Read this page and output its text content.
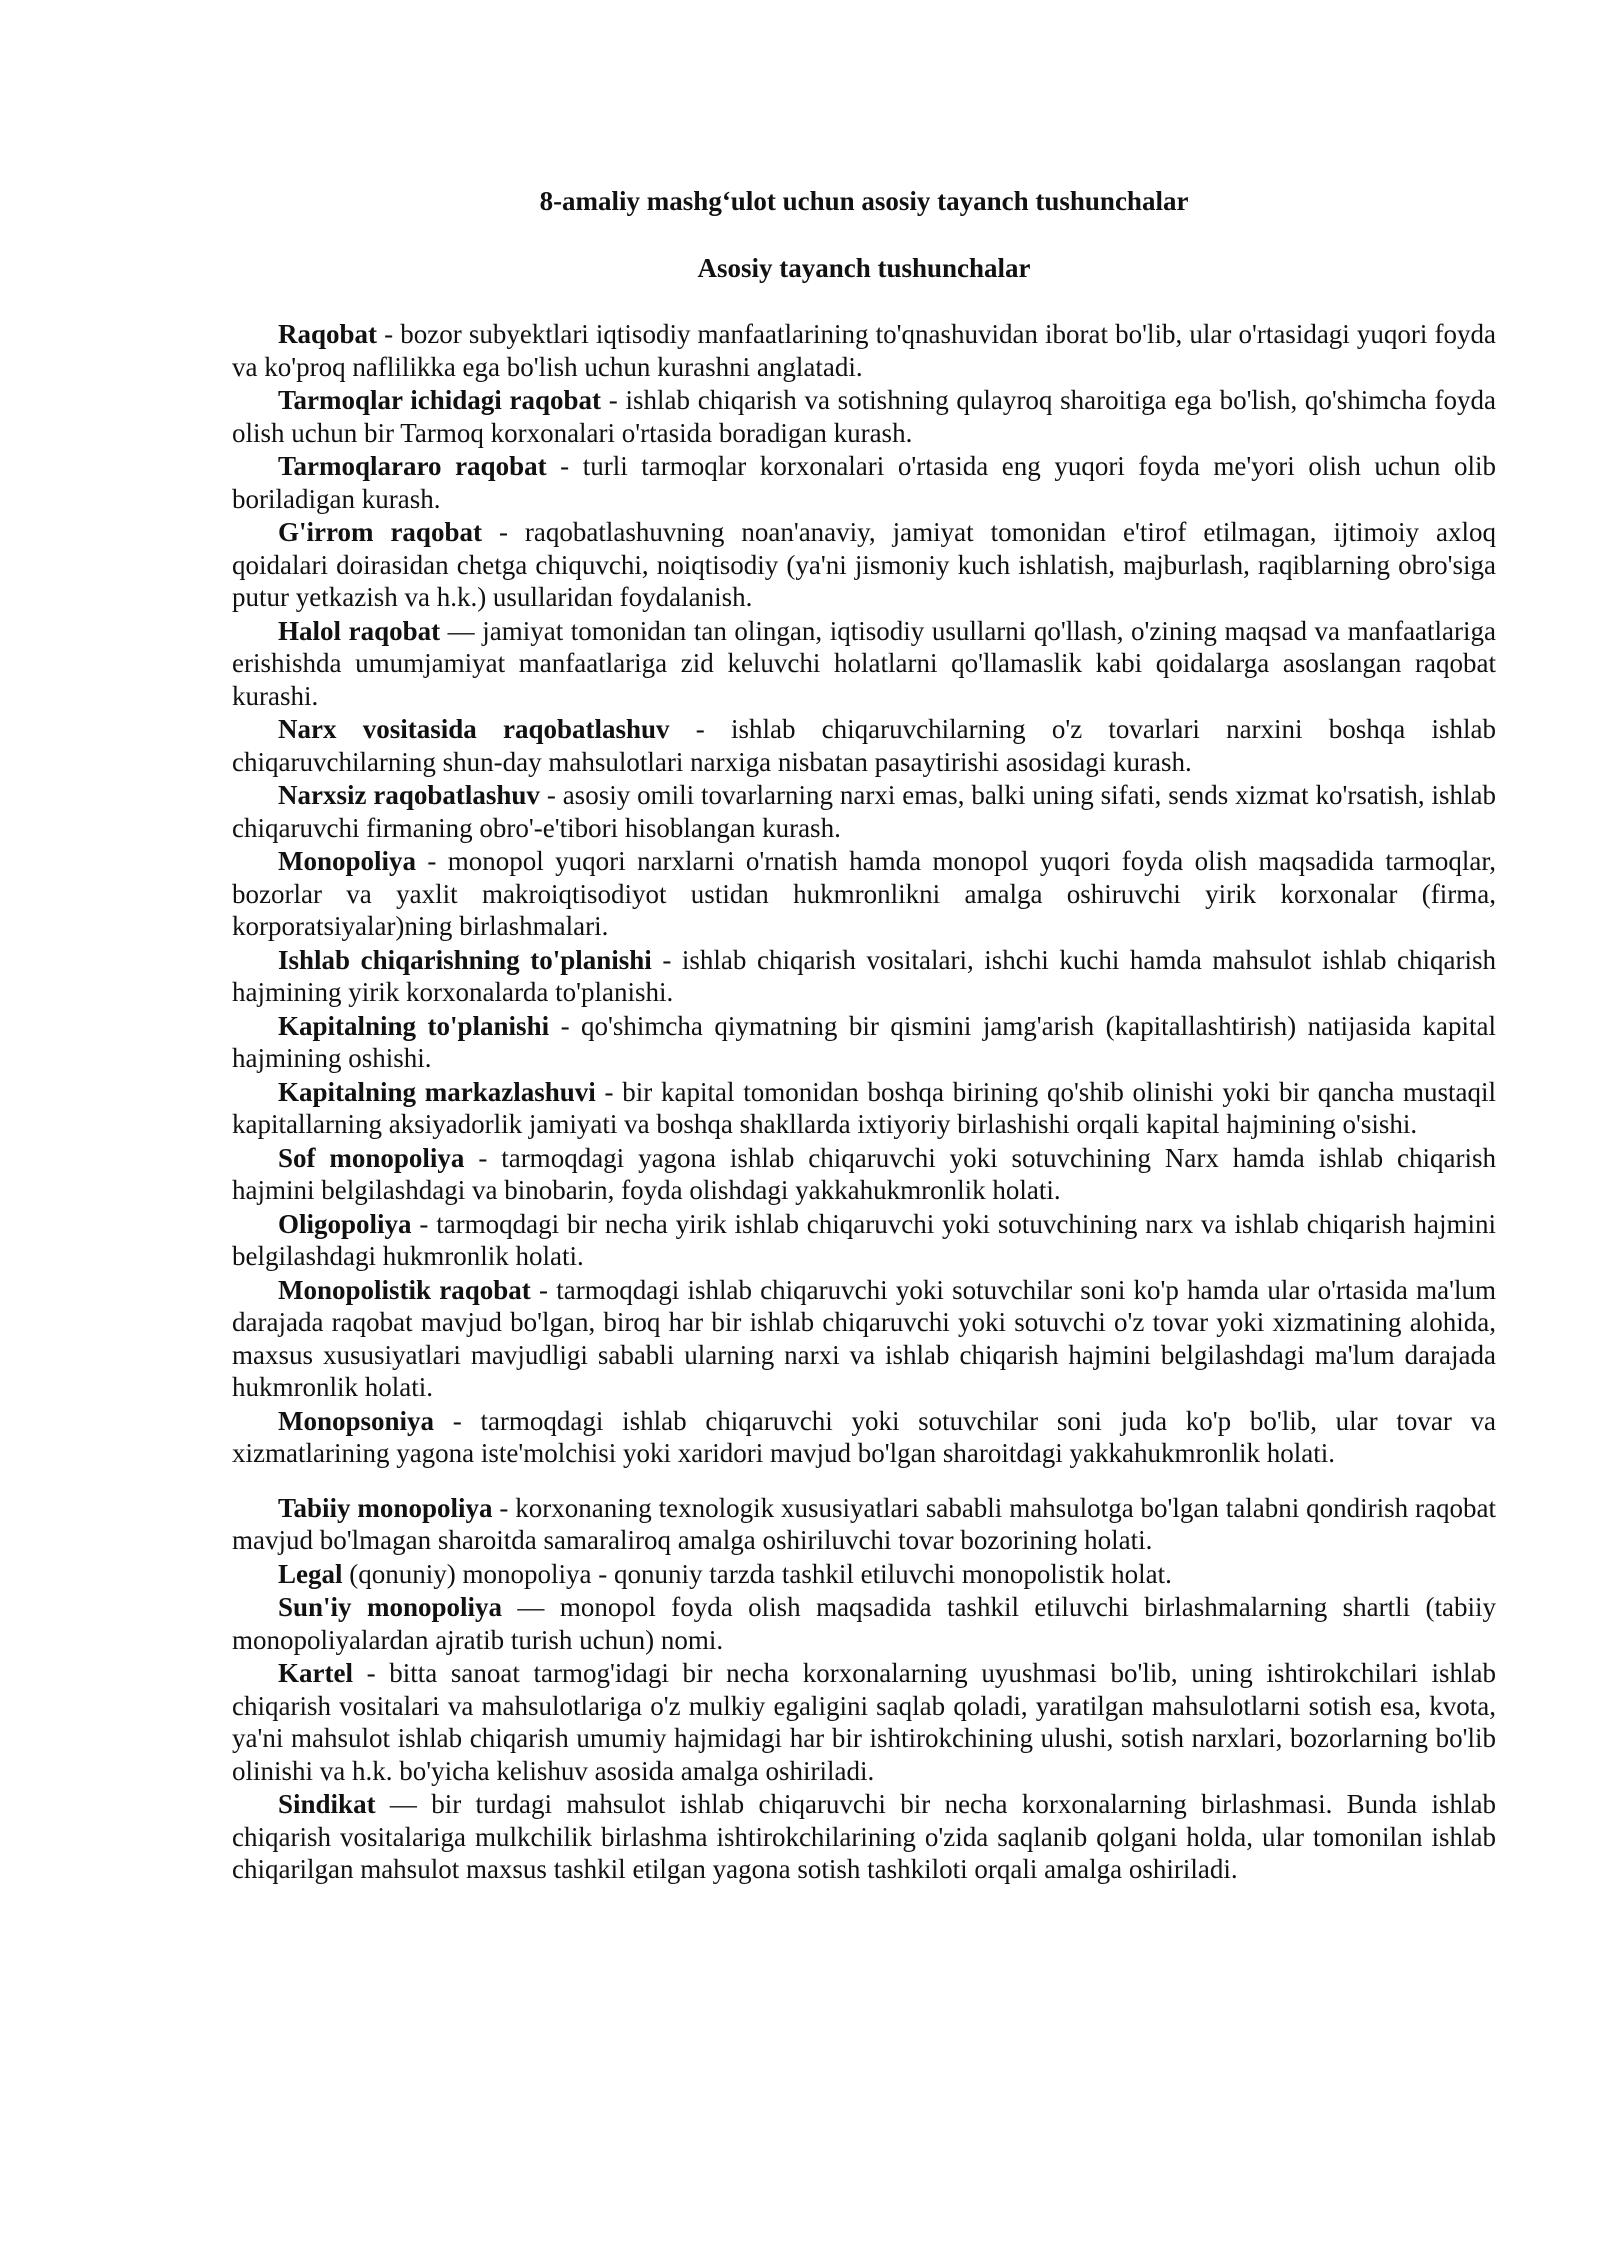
8-amaliy mashg‘ulot uchun asosiy tayanch tushunchalar
Asosiy tayanch tushunchalar

Raqobat - bozor subyektlari iqtisodiy manfaatlarining to'qnashuvidan iborat bo'lib, ular o'rtasidagi yuqori foyda va ko'proq naflilikka ega bo'lish uchun kurashni anglatadi.

Tarmoqlar ichidagi raqobat - ishlab chiqarish va sotishning qulayroq sharoitiga ega bo'lish, qo'shimcha foyda olish uchun bir Tarmoq korxonalari o'rtasida boradigan kurash.

Tarmoqlararo raqobat - turli tarmoqlar korxonalari o'rtasida eng yuqori foyda me'yori olish uchun olib boriladigan kurash.

G'irrom raqobat - raqobatlashuvning noan'anaviy, jamiyat tomonidan e'tirof etilmagan, ijtimoiy axloq qoidalari doirasidan chetga chiquvchi, noiqtisodiy (ya'ni jismoniy kuch ishlatish, majburlash, raqiblarning obro'siga putur yetkazish va h.k.) usullaridan foydalanish.

Halol raqobat — jamiyat tomonidan tan olingan, iqtisodiy usullarni qo'llash, o'zining maqsad va manfaatlariga erishishda umumjamiyat manfaatlariga zid keluvchi holatlarni qo'llamaslik kabi qoidalarga asoslangan raqobat kurashi.

Narx vositasida raqobatlashuv - ishlab chiqaruvchilarning o'z tovarlari narxini boshqa ishlab chiqaruvchilarning shun-day mahsulotlari narxiga nisbatan pasaytirishi asosidagi kurash.

Narxsiz raqobatlashuv - asosiy omili tovarlarning narxi emas, balki uning sifati, sends xizmat ko'rsatish, ishlab chiqaruvchi firmaning obro'-e'tibori hisoblangan kurash.

Monopoliya - monopol yuqori narxlarni o'rnatish hamda monopol yuqori foyda olish maqsadida tarmoqlar, bozorlar va yaxlit makroiqtisodiyot ustidan hukmronlikni amalga oshiruvchi yirik korxonalar (firma, korporatsiyalar)ning birlashmalari.

Ishlab chiqarishning to'planishi - ishlab chiqarish vositalari, ishchi kuchi hamda mahsulot ishlab chiqarish hajmining yirik korxonalarda to'planishi.

Kapitalning to'planishi - qo'shimcha qiymatning bir qismini jamg'arish (kapitallashtirish) natijasida kapital hajmining oshishi.

Kapitalning markazlashuvi - bir kapital tomonidan boshqa birining qo'shib olinishi yoki bir qancha mustaqil kapitallarning aksiyadorlik jamiyati va boshqa shakllarda ixtiyoriy birlashishi orqali kapital hajmining o'sishi.

Sof monopoliya - tarmoqdagi yagona ishlab chiqaruvchi yoki sotuvchining Narx hamda ishlab chiqarish hajmini belgilashdagi va binobarin, foyda olishdagi yakkahukmronlik holati.

Oligopoliya - tarmoqdagi bir necha yirik ishlab chiqaruvchi yoki sotuvchining narx va ishlab chiqarish hajmini belgilashdagi hukmronlik holati.

Monopolistik raqobat - tarmoqdagi ishlab chiqaruvchi yoki sotuvchilar soni ko'p hamda ular o'rtasida ma'lum darajada raqobat mavjud bo'lgan, biroq har bir ishlab chiqaruvchi yoki sotuvchi o'z tovar yoki xizmatining alohida, maxsus xususiyatlari mavjudligi sababli ularning narxi va ishlab chiqarish hajmini belgilashdagi ma'lum darajada hukmronlik holati.

Monopsoniya - tarmoqdagi ishlab chiqaruvchi yoki sotuvchilar soni juda ko'p bo'lib, ular tovar va xizmatlarining yagona iste'molchisi yoki xaridori mavjud bo'lgan sharoitdagi yakkahukmronlik holati.

Tabiiy monopoliya - korxonaning texnologik xususiyatlari sababli mahsulotga bo'lgan talabni qondirish raqobat mavjud bo'lmagan sharoitda samaraliroq amalga oshiriluvchi tovar bozorining holati.

Legal (qonuniy) monopoliya - qonuniy tarzda tashkil etiluvchi monopolistik holat.

Sun'iy monopoliya — monopol foyda olish maqsadida tashkil etiluvchi birlashmalarning shartli (tabiiy monopoliyalardan ajratib turish uchun) nomi.

Kartel - bitta sanoat tarmog'idagi bir necha korxonalarning uyushmasi bo'lib, uning ishtirokchilari ishlab chiqarish vositalari va mahsulotlariga o'z mulkiy egaligini saqlab qoladi, yaratilgan mahsulotlarni sotish esa, kvota, ya'ni mahsulot ishlab chiqarish umumiy hajmidagi har bir ishtirokchining ulushi, sotish narxlari, bozorlarning bo'lib olinishi va h.k. bo'yicha kelishuv asosida amalga oshiriladi.

Sindikat — bir turdagi mahsulot ishlab chiqaruvchi bir necha korxonalarning birlashmasi. Bunda ishlab chiqarish vositalariga mulkchilik birlashma ishtirokchilarining o'zida saqlanib qolgani holda, ular tomonilan ishlab chiqarilgan mahsulot maxsus tashkil etilgan yagona sotish tashkiloti orqali amalga oshiriladi.
